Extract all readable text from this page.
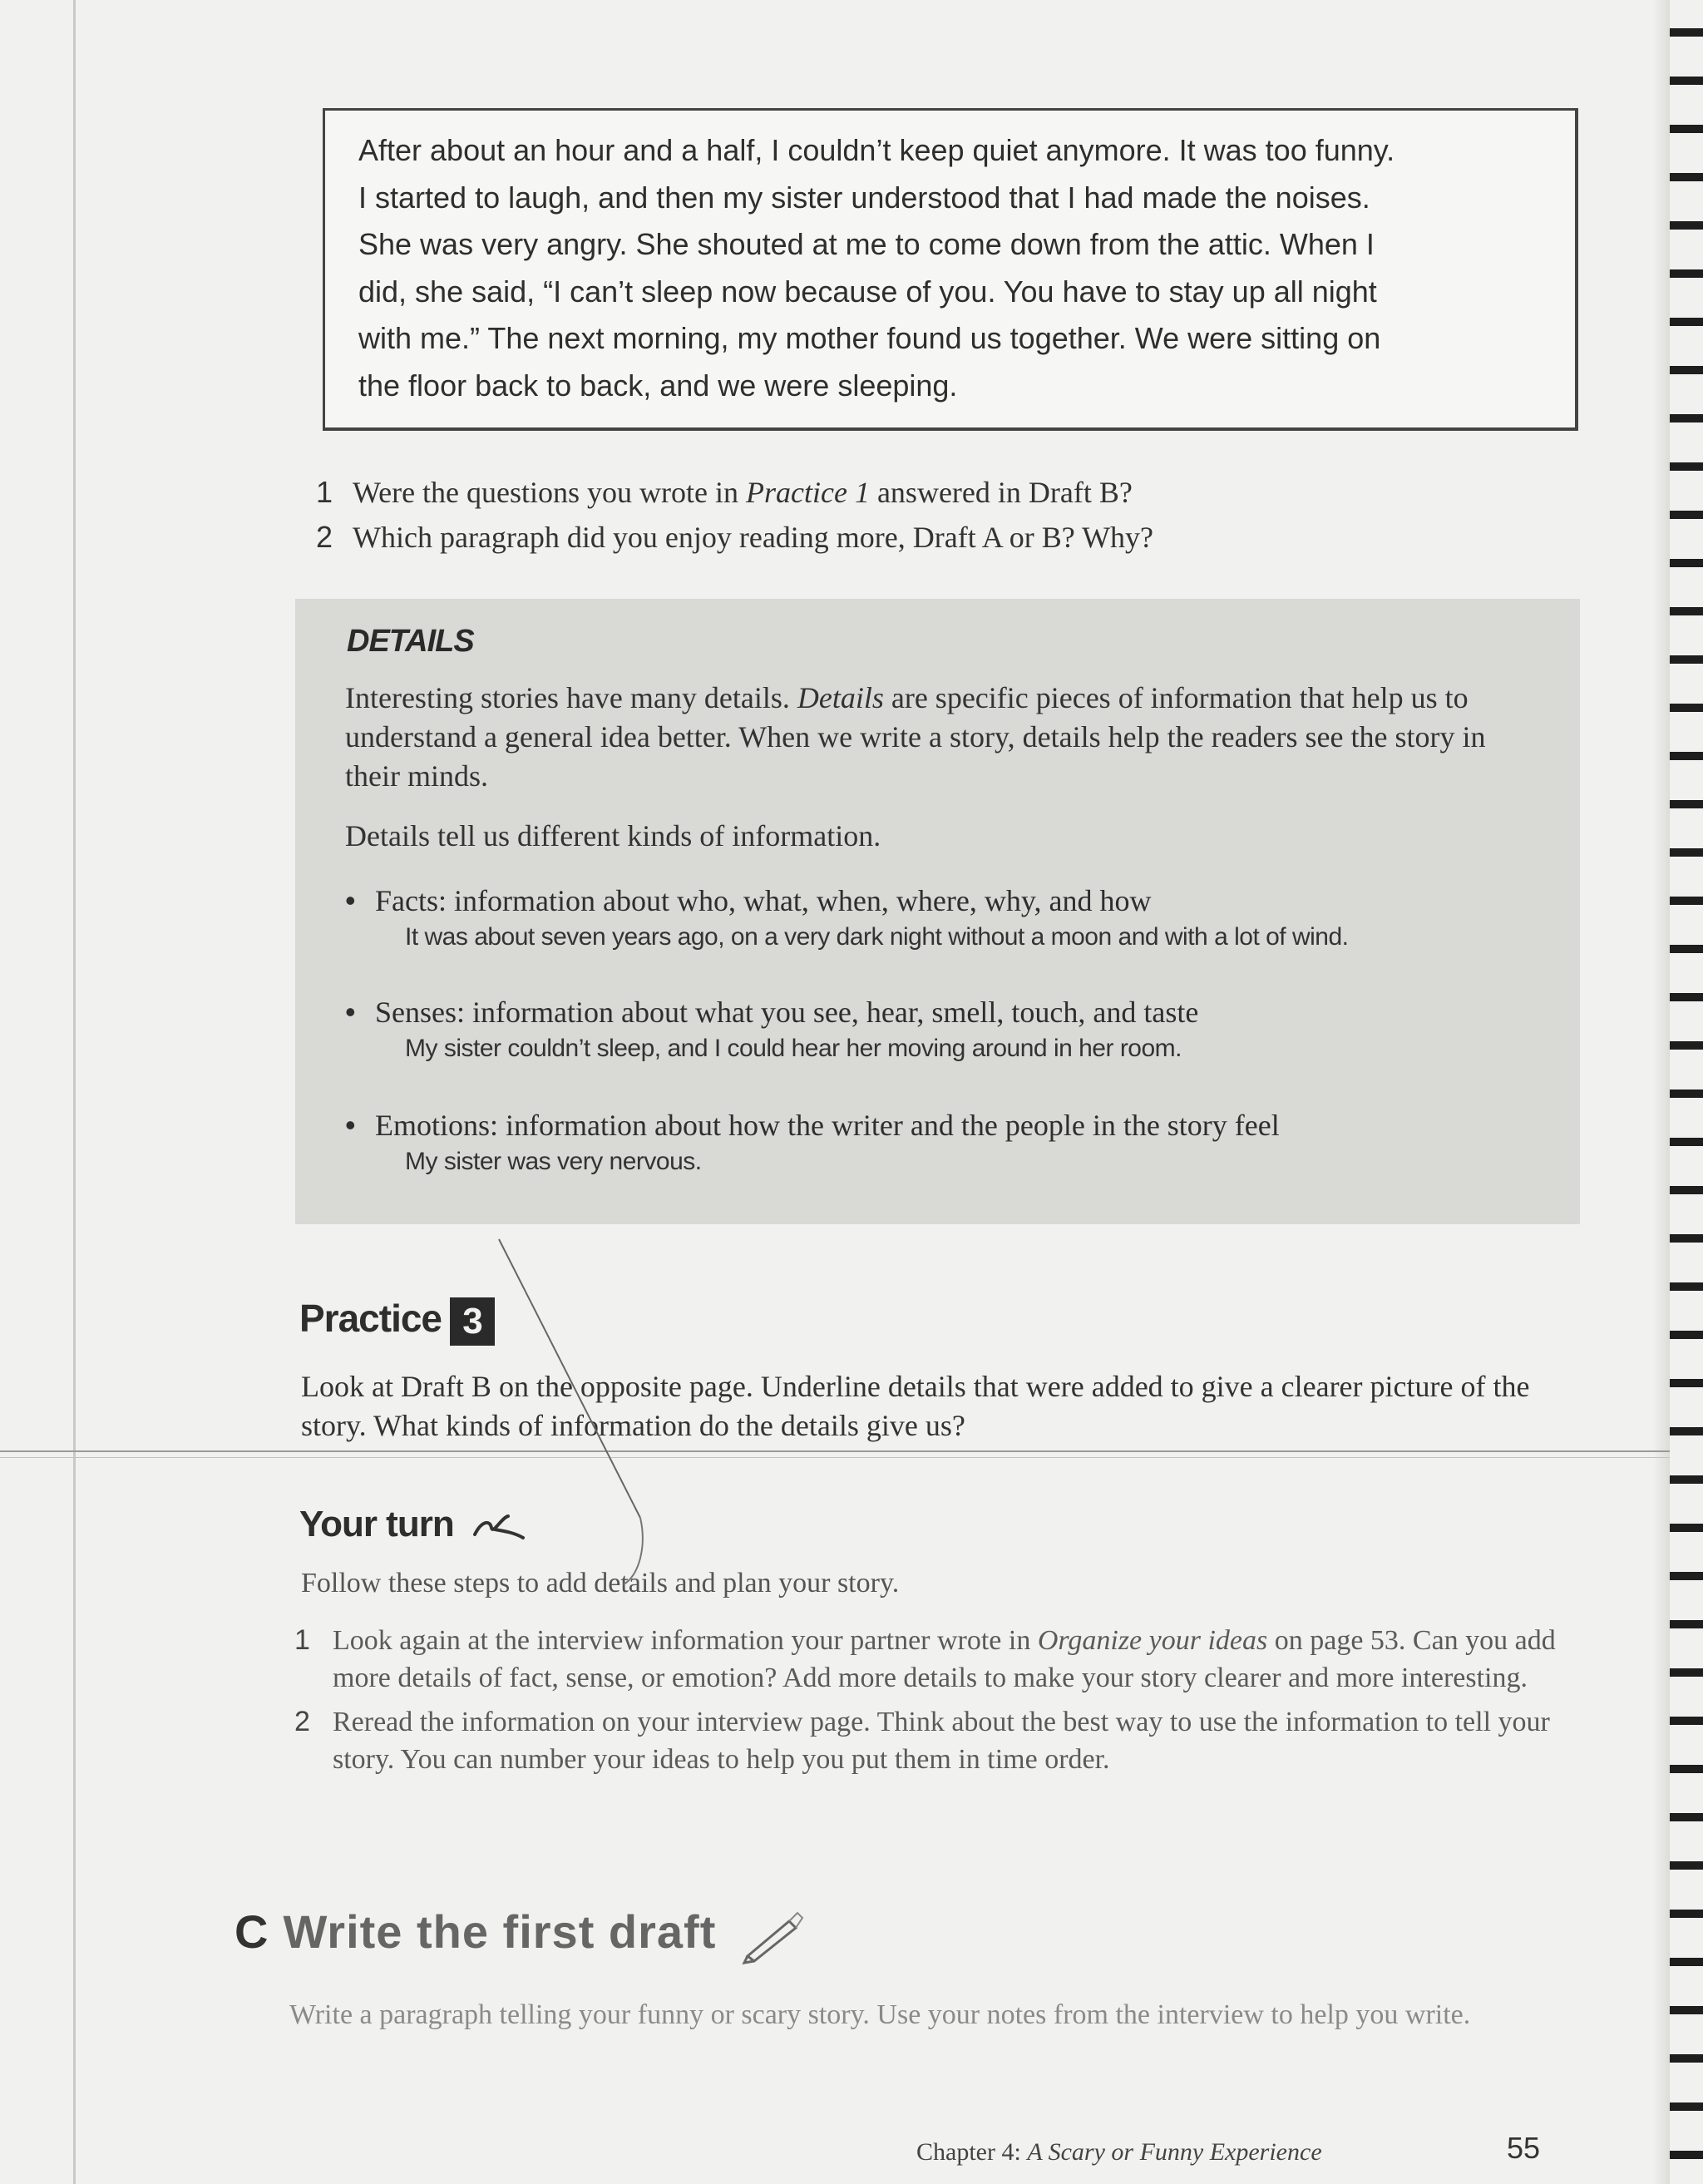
After about an hour and a half, I couldn’t keep quiet anymore. It was too funny.
I started to laugh, and then my sister understood that I had made the noises.
She was very angry. She shouted at me to come down from the attic. When I
did, she said, “I can’t sleep now because of you. You have to stay up all night
with me.” The next morning, my mother found us together. We were sitting on
the floor back to back, and we were sleeping.

1 Were the questions you wrote in Practice 1 answered in Draft B?
2 Which paragraph did you enjoy reading more, Draft A or B? Why?
DETAILS

Interesting stories have many details. Details are specific pieces of information that help us to understand a general idea better. When we write a story, details help the readers see the story in their minds.

Details tell us different kinds of information.

• Facts: information about who, what, when, where, why, and how
It was about seven years ago, on a very dark night without a moon and with a lot of wind.
• Senses: information about what you see, hear, smell, touch, and taste
My sister couldn’t sleep, and I could hear her moving around in her room.
• Emotions: information about how the writer and the people in the story feel
My sister was very nervous.
Practice 3

Look at Draft B on the opposite page. Underline details that were added to give a clearer picture of the story. What kinds of information do the details give us?

Your turn

Follow these steps to add details and plan your story.

1 Look again at the interview information your partner wrote in Organize your ideas on page 53. Can you add more details of fact, sense, or emotion? Add more details to make your story clearer and more interesting.
2 Reread the information on your interview page. Think about the best way to use the information to tell your story. You can number your ideas to help you put them in time order.
C Write the first draft

Write a paragraph telling your funny or scary story. Use your notes from the interview to help you write.

Chapter 4: A Scary or Funny Experience	55
